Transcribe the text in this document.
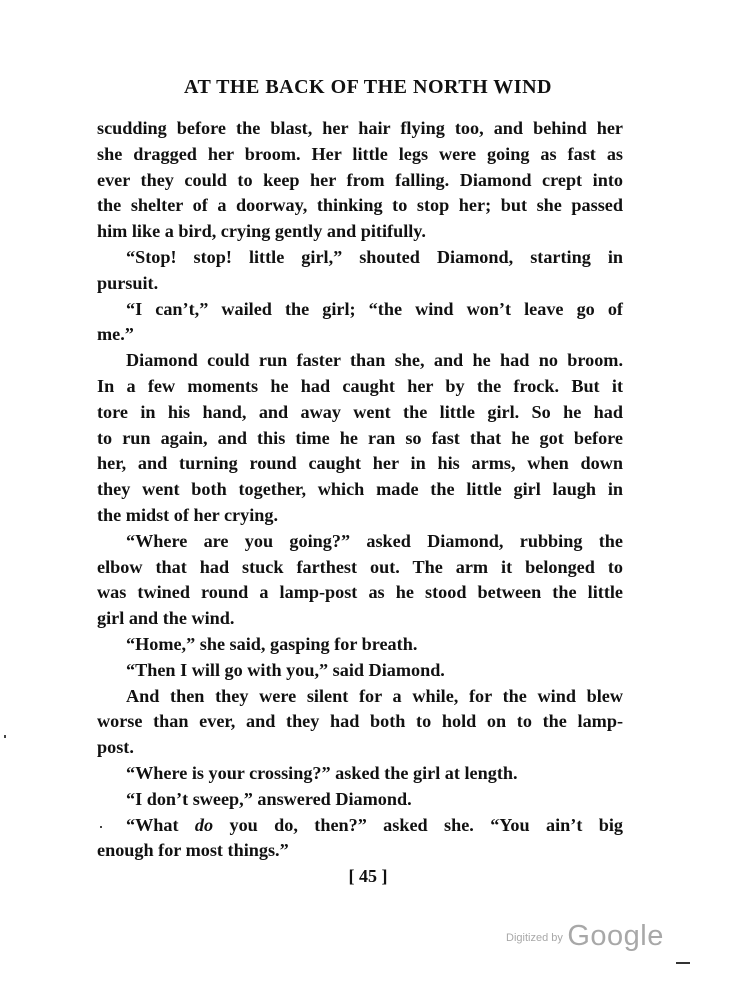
AT THE BACK OF THE NORTH WIND
scudding before the blast, her hair flying too, and behind her
she dragged her broom. Her little legs were going as fast as
ever they could to keep her from falling. Diamond crept into
the shelter of a doorway, thinking to stop her; but she passed
him like a bird, crying gently and pitifully.
“Stop! stop! little girl,” shouted Diamond, starting in
pursuit.
“I can’t,” wailed the girl; “the wind won’t leave go of
me.”
Diamond could run faster than she, and he had no broom.
In a few moments he had caught her by the frock. But it
tore in his hand, and away went the little girl. So he had
to run again, and this time he ran so fast that he got before
her, and turning round caught her in his arms, when down
they went both together, which made the little girl laugh in
the midst of her crying.
“Where are you going?” asked Diamond, rubbing the
elbow that had stuck farthest out. The arm it belonged to
was twined round a lamp-post as he stood between the little
girl and the wind.
“Home,” she said, gasping for breath.
“Then I will go with you,” said Diamond.
And then they were silent for a while, for the wind blew
worse than ever, and they had both to hold on to the lamp-
post.
“Where is your crossing?” asked the girl at length.
“I don’t sweep,” answered Diamond.
“What do you do, then?” asked she. “You ain’t big
enough for most things.”
[ 45 ]
$^{Digitized by}$ Google
